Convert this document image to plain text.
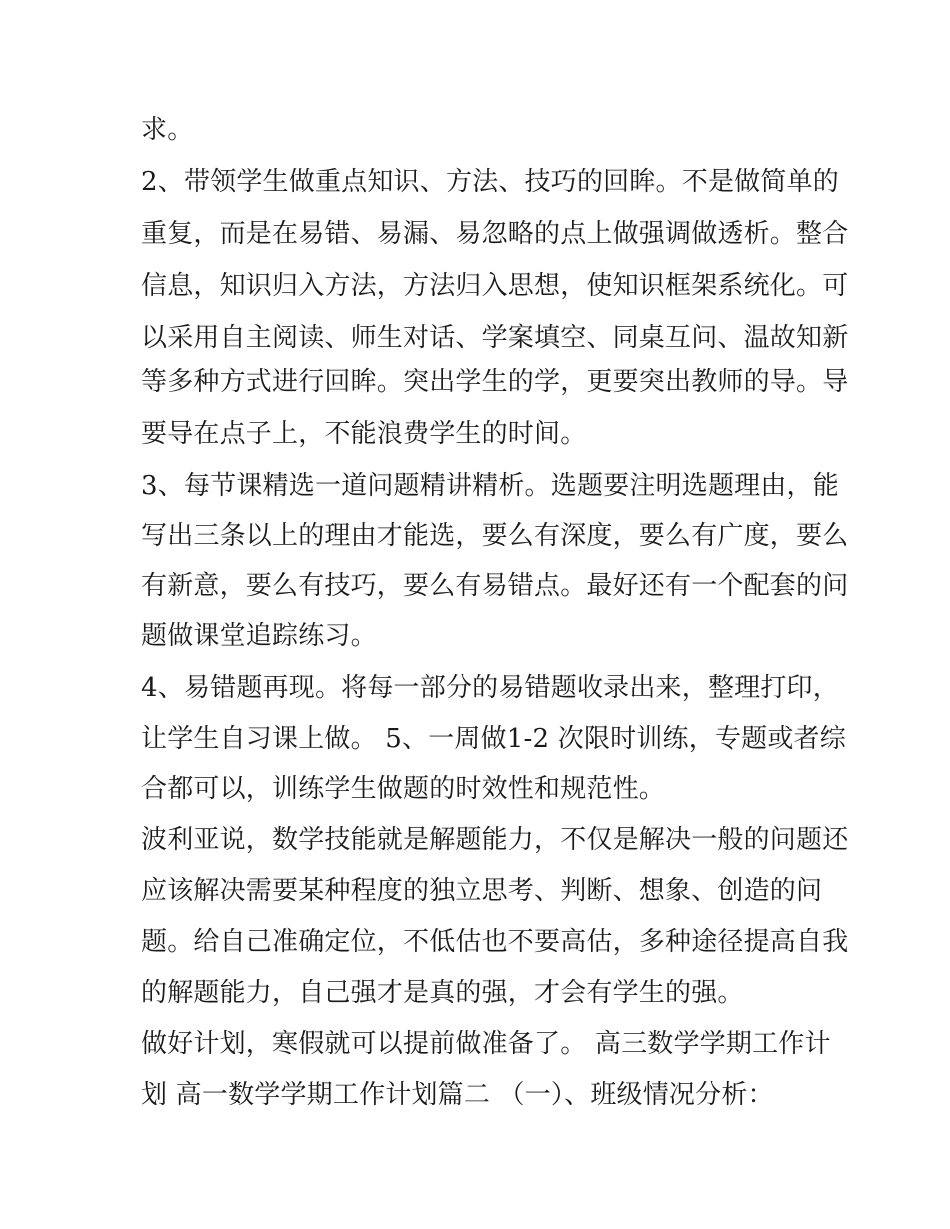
求。
2、带领学生做重点知识、方法、技巧的回眸。不是做简单的
重复，而是在易错、易漏、易忽略的点上做强调做透析。整合
信息，知识归入方法，方法归入思想，使知识框架系统化。可
以采用自主阅读、师生对话、学案填空、同桌互问、温故知新
等多种方式进行回眸。突出学生的学，更要突出教师的导。导
要导在点子上，不能浪费学生的时间。
3、每节课精选一道问题精讲精析。选题要注明选题理由，能
写出三条以上的理由才能选，要么有深度，要么有广度，要么
有新意，要么有技巧，要么有易错点。最好还有一个配套的问
题做课堂追踪练习。
4、易错题再现。将每一部分的易错题收录出来，整理打印，
让学生自习课上做。 5、一周做1-2 次限时训练，专题或者综
合都可以，训练学生做题的时效性和规范性。
波利亚说，数学技能就是解题能力，不仅是解决一般的问题还
应该解决需要某种程度的独立思考、判断、想象、创造的问
题。给自己准确定位，不低估也不要高估，多种途径提高自我
的解题能力，自己强才是真的强，才会有学生的强。
做好计划，寒假就可以提前做准备了。 高三数学学期工作计
划 高一数学学期工作计划篇二 （一）、班级情况分析：
